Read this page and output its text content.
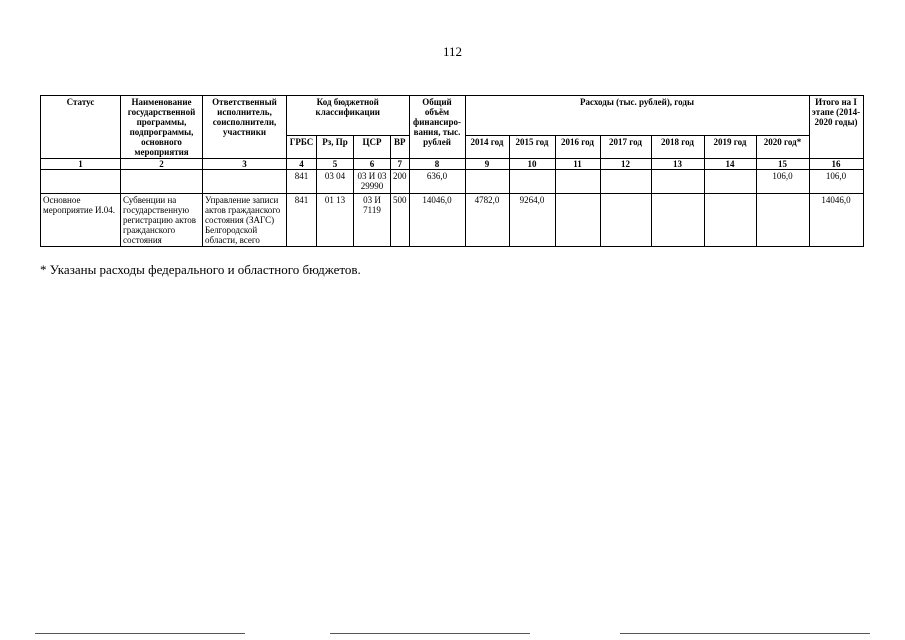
112
Статус	Наименование государственной программы, подпрограммы, основного мероприятия	Ответственный исполнитель, соисполнители, участники	Код бюджетной классификации				Общий объём финансиро-вания, тыс. рублей	Расходы (тыс. рублей), годы							Итого на I этапе (2014-2020 годы)
			ГРБС	Рз, Пр	ЦСР	ВР		2014 год	2015 год	2016 год	2017 год	2018 год	2019 год	2020 год*	
1	2	3	4	5	6	7	8	9	10	11	12	13	14	15	16
			841	03 04	03 И 03 29990	200	636,0							106,0	106,0
Основное мероприятие И.04.	Субвенции на государственную регистрацию актов гражданского состояния	Управление записи актов гражданского состояния (ЗАГС) Белгородской области, всего	841	01 13	03 И 7119	500	14046,0	4782,0	9264,0						14046,0
* Указаны расходы федерального и областного бюджетов.
